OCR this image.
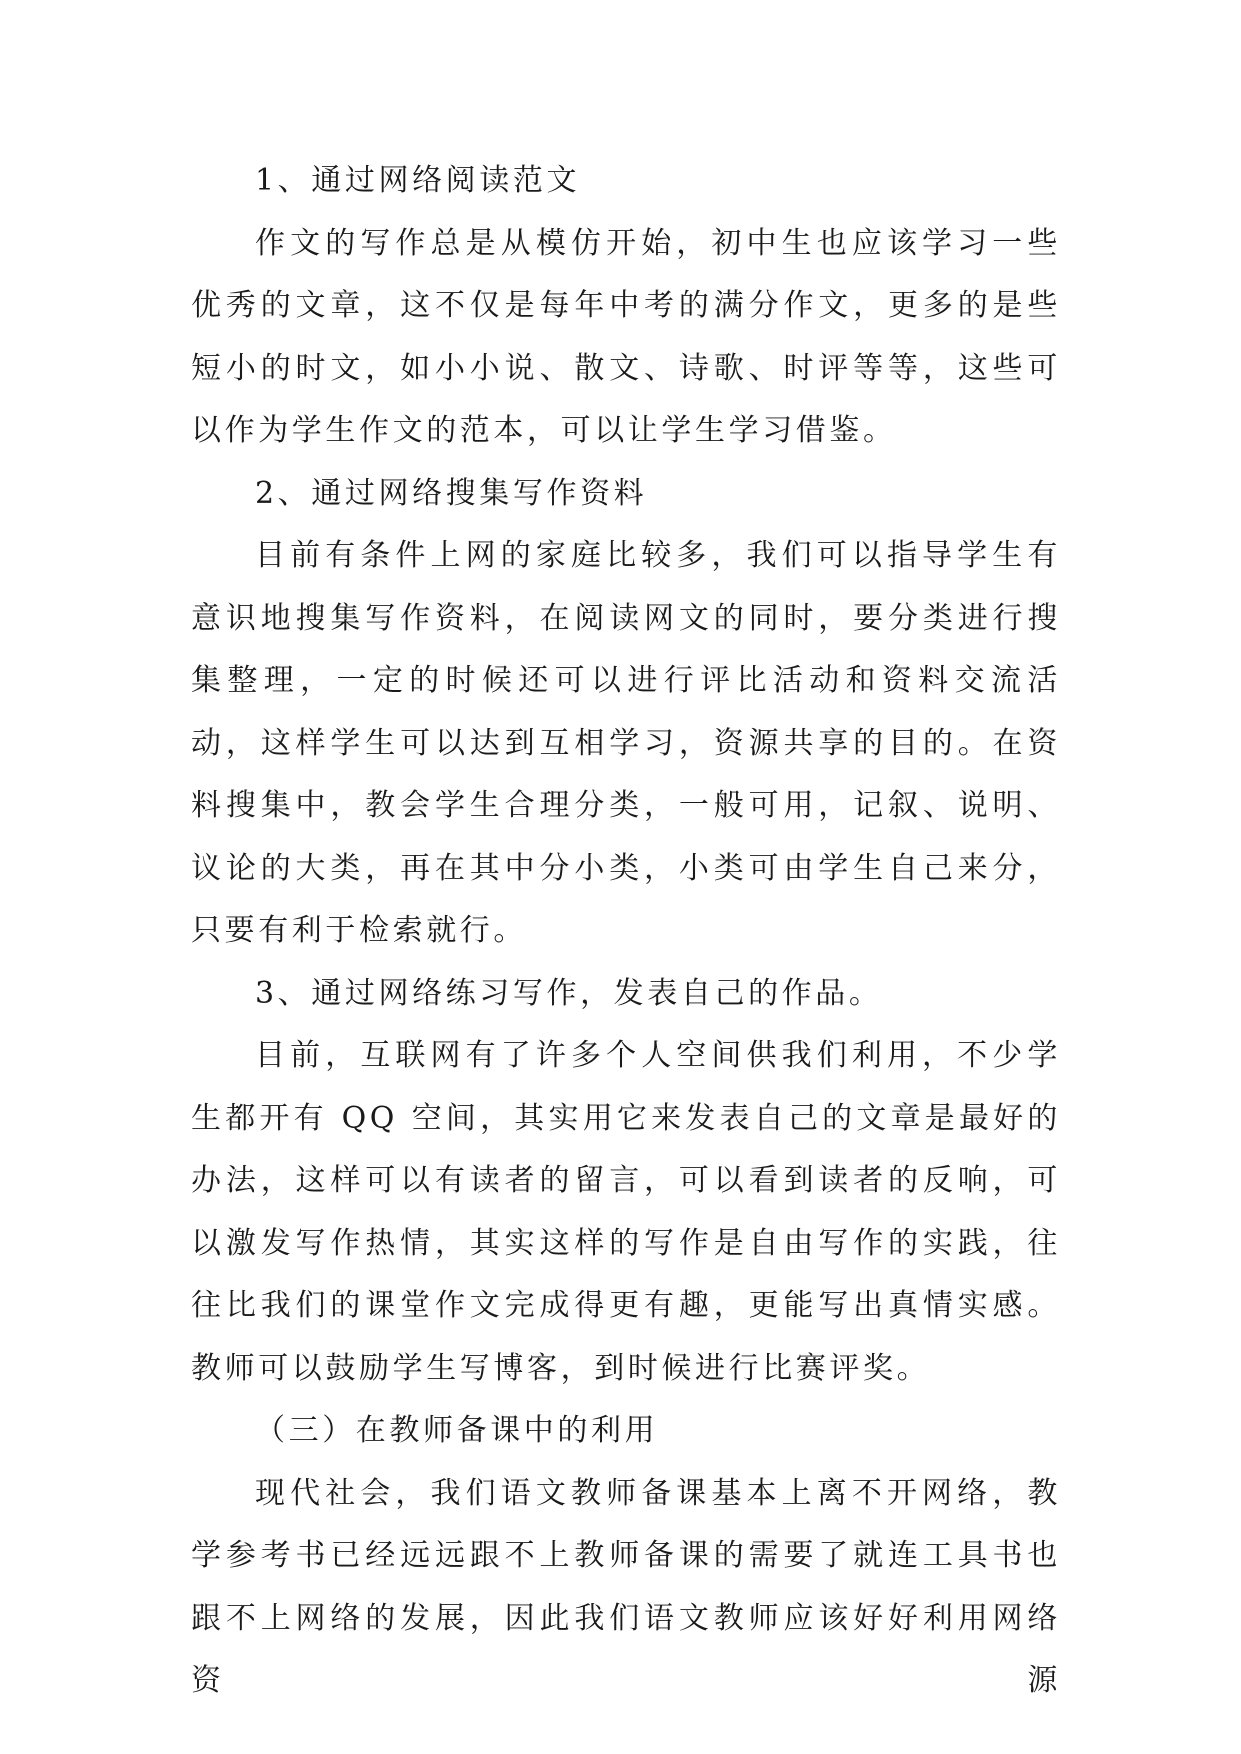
1、通过网络阅读范文

作文的写作总是从模仿开始，初中生也应该学习一些优秀的文章，这不仅是每年中考的满分作文，更多的是些短小的时文，如小小说、散文、诗歌、时评等等，这些可以作为学生作文的范本，可以让学生学习借鉴。

2、通过网络搜集写作资料

目前有条件上网的家庭比较多，我们可以指导学生有意识地搜集写作资料，在阅读网文的同时，要分类进行搜集整理，一定的时候还可以进行评比活动和资料交流活动，这样学生可以达到互相学习，资源共享的目的。在资料搜集中，教会学生合理分类，一般可用，记叙、说明、议论的大类，再在其中分小类，小类可由学生自己来分，只要有利于检索就行。

3、通过网络练习写作，发表自己的作品。

目前，互联网有了许多个人空间供我们利用，不少学生都开有 QQ 空间，其实用它来发表自己的文章是最好的办法，这样可以有读者的留言，可以看到读者的反响，可以激发写作热情，其实这样的写作是自由写作的实践，往往比我们的课堂作文完成得更有趣，更能写出真情实感。教师可以鼓励学生写博客，到时候进行比赛评奖。

（三）在教师备课中的利用

现代社会，我们语文教师备课基本上离不开网络，教学参考书已经远远跟不上教师备课的需要了就连工具书也跟不上网络的发展，因此我们语文教师应该好好利用网络资源
